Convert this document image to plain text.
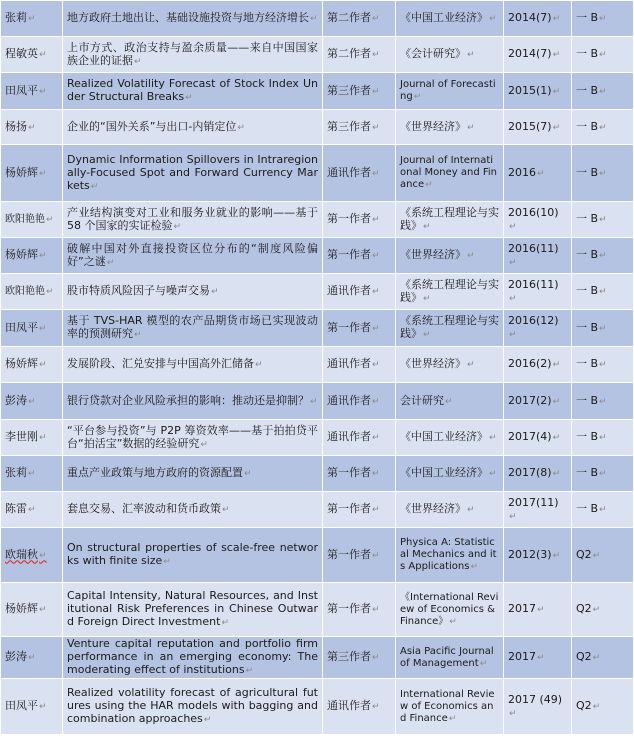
张莉↵	地方政府土地出让、基础设施投资与地方经济增长↵	第二作者↵	《中国工业经济》↵	2014(7)↵	一 B↵
程敏英↵	上市方式、政治支持与盈余质量——来自中国国家族企业的证据↵	第二作者↵	《会计研究》↵	2014(7)↵	一 B↵
田凤平↵	Realized Volatility Forecast of Stock Index Under Structural Breaks↵	第三作者↵	Journal of Forecasting↵	2015(1)↵	一 B↵
杨扬↵	企业的“国外关系”与出口-内销定位↵	第三作者↵	《世界经济》↵	2015(7)↵	一 B↵
杨娇辉↵	Dynamic Information Spillovers in Intraregionally-Focused Spot and Forward Currency Markets↵	通讯作者↵	Journal of International Money and Finance↵	2016↵	一 B↵
欧阳艳艳↵	产业结构演变对工业和服务业就业的影响——基于 58 个国家的实证检验↵	第一作者↵	《系统工程理论与实践》↵	2016(10)↵	一 B↵
杨娇辉↵	破解中国对外直接投资区位分布的“制度风险偏好”之谜↵	第一作者↵	《世界经济》↵	2016(11)↵	一 B↵
欧阳艳艳↵	股市特质风险因子与噪声交易↵	通讯作者↵	《系统工程理论与实践》↵	2016(11)↵	一 B↵
田凤平↵	基于 TVS-HAR 模型的农产品期货市场已实现波动率的预测研究↵	第一作者↵	《系统工程理论与实践》↵	2016(12)↵	一 B↵
杨娇辉↵	发展阶段、汇兑安排与中国高外汇储备↵	通讯作者↵	《世界经济》↵	2016(2)↵	一 B↵
彭涛↵	银行贷款对企业风险承担的影响：推动还是抑制？↵	通讯作者↵	会计研究↵	2017(2)↵	一 B↵
李世刚↵	“平台参与投资”与 P2P 筹资效率——基于拍拍贷平台“拍活宝”数据的经验研究↵	通讯作者↵	《中国工业经济》↵	2017(4)↵	一 B↵
张莉↵	重点产业政策与地方政府的资源配置↵	第一作者↵	《中国工业经济》↵	2017(8)↵	一 B↵
陈雷↵	套息交易、汇率波动和货币政策↵	第一作者↵	《世界经济》↵	2017(11)↵	一 B↵
欧瑞秋↵	On structural properties of scale-free networks with finite size↵	第一作者↵	Physica A: Statistical Mechanics and its Applications↵	2012(3)↵	Q2↵
杨娇辉↵	Capital Intensity, Natural Resources, and Institutional Risk Preferences in Chinese Outward Foreign Direct Investment↵	第一作者↵	《International Review of Economics & Finance》↵	2017↵	Q2↵
彭涛↵	Venture capital reputation and portfolio firm performance in an emerging economy: The moderating effect of institutions↵	第三作者↵	Asia Pacific Journal of Management↵	2017↵	Q2↵
田凤平↵	Realized volatility forecast of agricultural futures using the HAR models with bagging and combination approaches↵	通讯作者↵	International Review of Economics and Finance↵	2017 (49)↵	Q2↵
